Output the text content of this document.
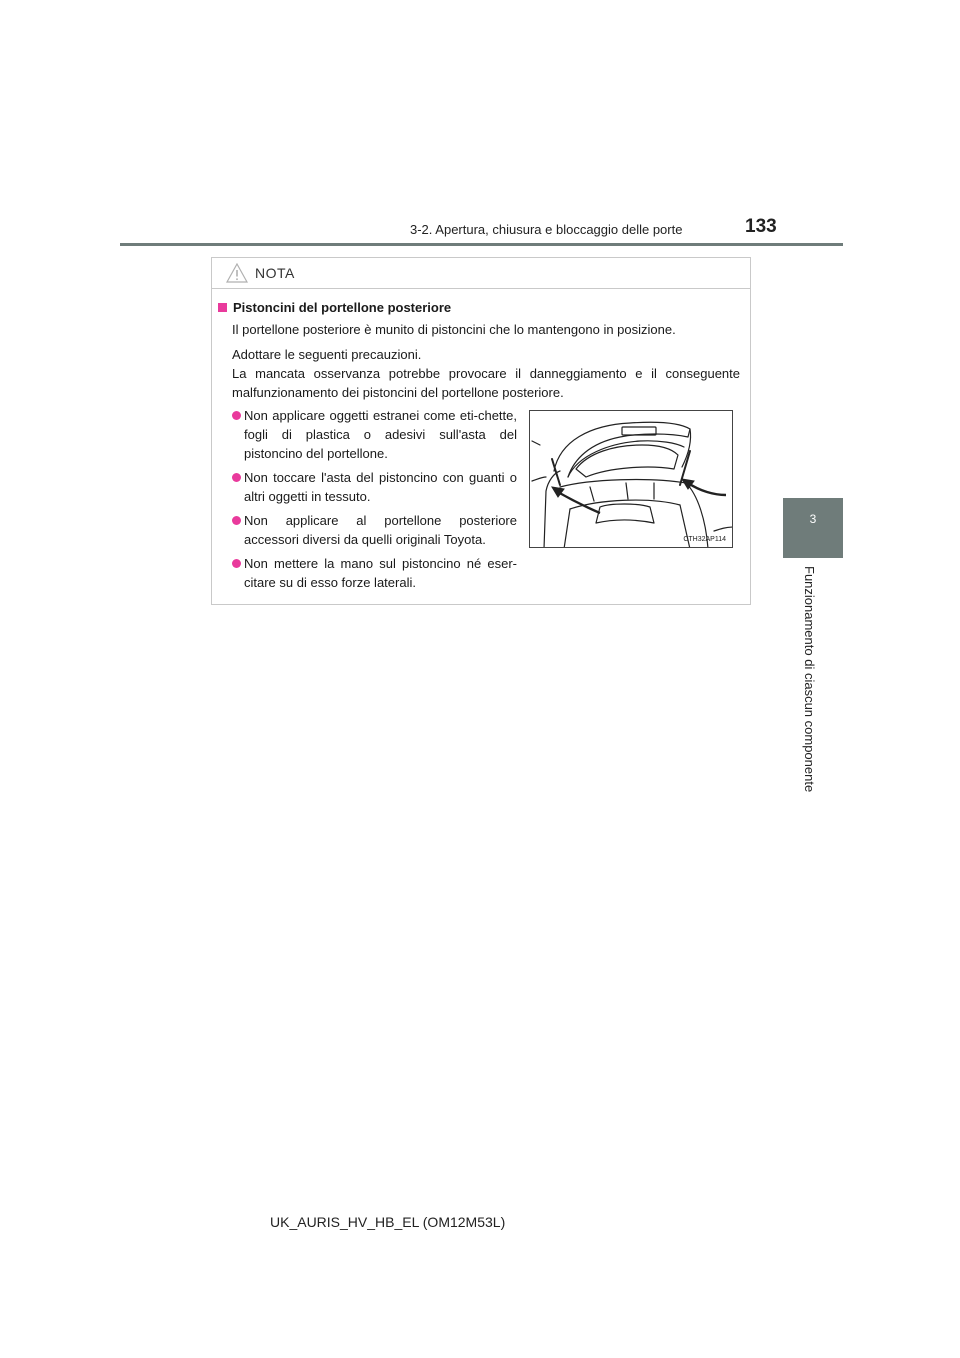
3-2. Apertura, chiusura e bloccaggio delle porte	133
3
Funzionamento di ciascun componente
NOTA
Pistoncini del portellone posteriore
Il portellone posteriore è munito di pistoncini che lo mantengono in posizione.
Adottare le seguenti precauzioni.
La mancata osservanza potrebbe provocare il danneggiamento e il conseguente malfunzionamento dei pistoncini del portellone posteriore.
Non applicare oggetti estranei come eti-chette, fogli di plastica o adesivi sull'asta del pistoncino del portellone.
Non toccare l'asta del pistoncino con guanti o altri oggetti in tessuto.
Non applicare al portellone posteriore accessori diversi da quelli originali Toyota.
Non mettere la mano sul pistoncino né eser-citare su di esso forze laterali.
CTH32AP114
UK_AURIS_HV_HB_EL (OM12M53L)
